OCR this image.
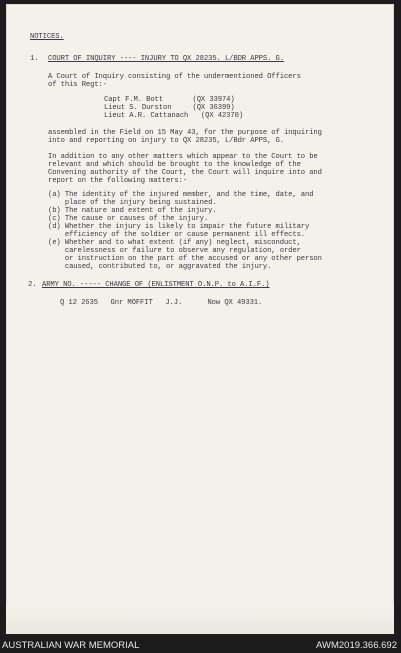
NOTICES.
1. COURT OF INQUIRY ---- INJURY TO QX 28235. L/BDR APPS. G.
A Court of Inquiry consisting of the undermentioned Officers
of this Regt:-
Capt F.M. Bott       (QX 33974)
Lieut S. Durston     (QX 36399)
Lieut A.R. Cattanach   (QX 42370)
assembled in the Field on 15 May 43, for the purpose of inquiring
into and reporting on injury to QX 28235, L/Bdr APPS, G.
In addition to any other matters which appear to the Court to be
relevant and which should be brought to the knowledge of the
Convening authority of the Court, the Court will inquire into and
report on the following matters:-
(a) The identity of the injured member, and the time, date, and
place of the injury being sustained.
(b) The nature and extent of the injury.
(c) The cause or causes of the injury.
(d) Whether the injury is likely to impair the future military
efficiency of the soldier or cause permanent ill effects.
(e) Whether and to what extent (if any) neglect, misconduct,
carelessness or failure to observe any regulation, order
or instruction on the part of the accused or any other person
caused, contributed to, or aggravated the injury.
2. ARMY NO. ----- CHANGE OF (ENLISTMENT O.N.P. to A.I.F.)
Q 12 2635   Gnr MOFFIT   J.J.      Now QX 49331.
AUSTRALIAN WAR MEMORIAL	AWM2019.366.692
